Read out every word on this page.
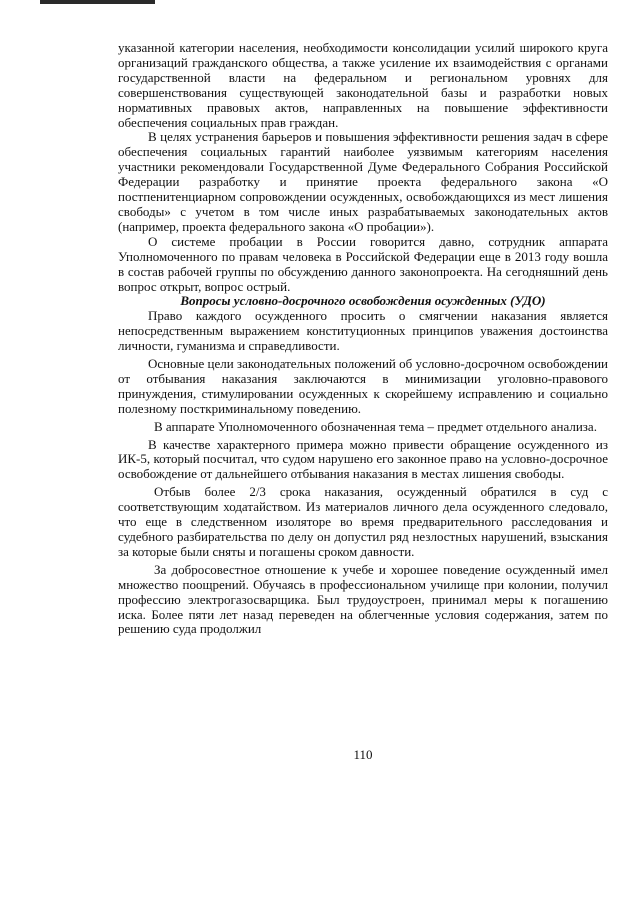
указанной категории населения, необходимости консолидации усилий широкого круга организаций гражданского общества, а также усиление их взаимодействия с органами государственной власти на федеральном и региональном уровнях для совершенствования существующей законодательной базы и разработки новых нормативных правовых актов, направленных на повышение эффективности обеспечения социальных прав граждан.

В целях устранения барьеров и повышения эффективности решения задач в сфере обеспечения социальных гарантий наиболее уязвимым категориям населения участники рекомендовали Государственной Думе Федерального Собрания Российской Федерации разработку и принятие проекта федерального закона «О постпенитенциарном сопровождении осужденных, освобождающихся из мест лишения свободы» с учетом в том числе иных разрабатываемых законодательных актов (например, проекта федерального закона «О пробации»).

О системе пробации в России говорится давно, сотрудник аппарата Уполномоченного по правам человека в Российской Федерации еще в 2013 году вошла в состав рабочей группы по обсуждению данного законопроекта. На сегодняшний день вопрос открыт, вопрос острый.

Вопросы условно-досрочного освобождения осужденных (УДО)

Право каждого осужденного просить о смягчении наказания является непосредственным выражением конституционных принципов уважения достоинства личности, гуманизма и справедливости.

Основные цели законодательных положений об условно-досрочном освобождении от отбывания наказания заключаются в минимизации уголовно-правового принуждения, стимулировании осужденных к скорейшему исправлению и социально полезному посткриминальному поведению.

В аппарате Уполномоченного обозначенная тема – предмет отдельного анализа.

В качестве характерного примера можно привести обращение осужденного из ИК-5, который посчитал, что судом нарушено его законное право на условно-досрочное освобождение от дальнейшего отбывания наказания в местах лишения свободы.

Отбыв более 2/3 срока наказания, осужденный обратился в суд с соответствующим ходатайством. Из материалов личного дела осужденного следовало, что еще в следственном изоляторе во время предварительного расследования и судебного разбирательства по делу он допустил ряд незлостных нарушений, взыскания за которые были сняты и погашены сроком давности.

За добросовестное отношение к учебе и хорошее поведение осужденный имел множество поощрений. Обучаясь в профессиональном училище при колонии, получил профессию электрогазосварщика. Был трудоустроен, принимал меры к погашению иска. Более пяти лет назад переведен на облегченные условия содержания, затем по решению суда продолжил

110
